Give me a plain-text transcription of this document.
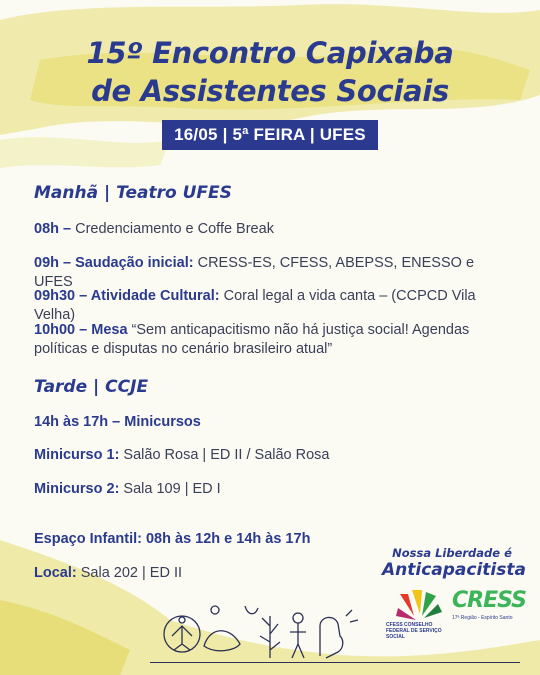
15º Encontro Capixaba
de Assistentes Sociais
16/05 | 5ª FEIRA | UFES
Manhã | Teatro UFES
08h – Credenciamento e Coffe Break
09h – Saudação inicial: CRESS-ES, CFESS, ABEPSS, ENESSO e UFES
09h30 – Atividade Cultural: Coral legal a vida canta – (CCPCD Vila Velha)
10h00 – Mesa “Sem anticapacitismo não há justiça social! Agendas políticas e disputas no cenário brasileiro atual”
Tarde | CCJE
14h às 17h – Minicursos
Minicurso 1: Salão Rosa | ED II / Salão Rosa
Minicurso 2: Sala 109 | ED I
Espaço Infantil: 08h às 12h e 14h às 17h
Local: Sala 202 | ED II
Nossa Liberdade é
Anticapacitista
CFESS CONSELHO FEDERAL DE SERVIÇO SOCIAL
CRESS
17ª Região - Espírito Santo
